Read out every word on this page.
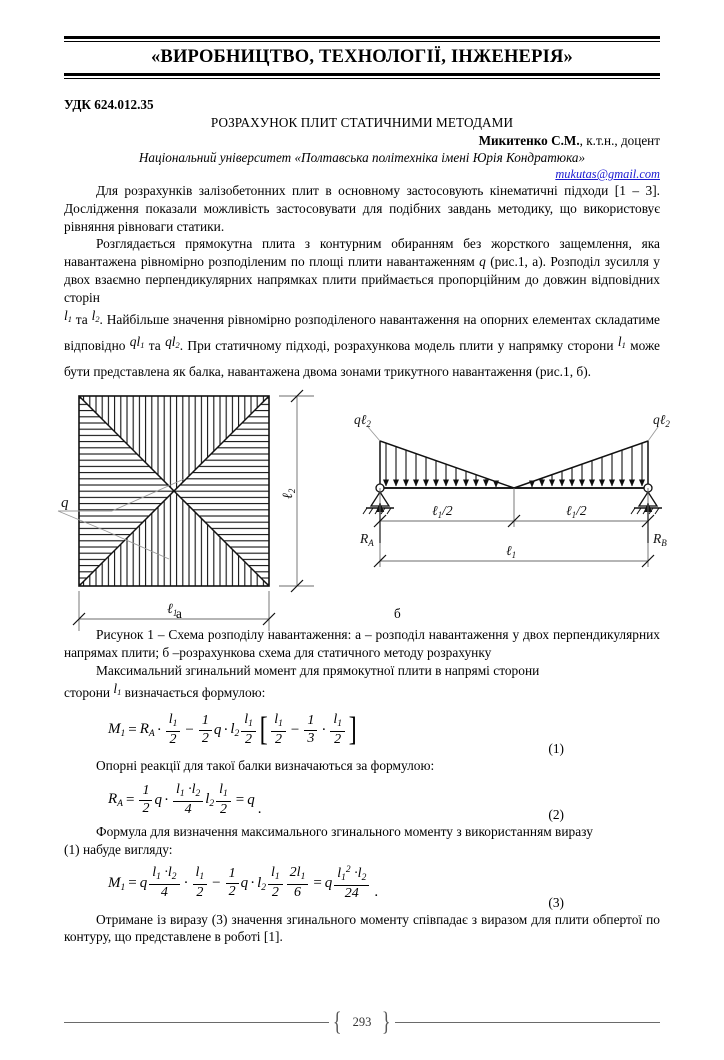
«ВИРОБНИЦТВО, ТЕХНОЛОГІЇ, ІНЖЕНЕРІЯ»
УДК 624.012.35
РОЗРАХУНОК ПЛИТ СТАТИЧНИМИ МЕТОДАМИ
Микитенко С.М., к.т.н., доцент
Національний університет «Полтавська політехніка імені Юрія Кондратюка»
mukutas@gmail.com

Для розрахунків залізобетонних плит в основному застосовують кінематичні підходи [1 – 3]. Дослідження показали можливість застосовувати для подібних завдань методику, що використовує рівняння рівноваги статики.

Розглядається прямокутна плита з контурним обиранням без жорсткого защемлення, яка навантажена рівномірно розподілeним по площі плити навантаженням q (рис.1, а). Розподіл зусилля у двох взаємно перпендикулярних напрямках плити приймається пропорційним до довжин відповідних сторін

$l_1$ та $l_2$. Найбільше значення рівномірно розподіленого навантаження на опорних елементах складатиме відповідно $ql_1$ та $ql_2$. При статичному підході, розрахункова модель плити у напрямку сторони $l_1$ може бути представлена як балка, навантажена двома зонами трикутного навантаження (рис.1, б).

q	ℓ$_2$
ℓ$_1$
qℓ$_2$	qℓ$_2$
$R_A$	$R_B$
ℓ$_1$/2	ℓ$_1$/2
ℓ$_1$
а	б

Рисунок 1 – Схема розподілу навантаження: а – розподіл навантаження у двох перпендикулярних напрямах плити; б –розрахункова схема для статичного методу розрахунку

Максимальний згинальний момент для прямокутної плити в напрямі сторони

сторони $l_1$ визначається формулою:

$M_1 = R_A \cdot \frac{l_1}{2} - \frac{1}{2}$ $q \cdot l_2 \frac{l_1}{2}$ [ $\frac{l_1}{2} - \frac{1}{3} \cdot \frac{l_1}{2}$ ]
(1)

Опорні реакції для такої балки визначаються за формулою:

$R_A = \frac{1}{2}$ $q \cdot \frac{l_1 \cdot l_2}{4} l_2 \frac{l_1}{2} = q$
.	(2)

Формула для визначення максимального згинального моменту з використанням виразу

(1) набуде вигляду:

$M_1 = q \frac{l_1 \cdot l_2}{4} \cdot \frac{l_1}{2} - \frac{1}{2}$ $q \cdot l_2 \frac{l_1}{2} \frac{2l_1}{6} = q \frac{l_1^2 \cdot l_2}{24}$ .
(3)

Отримане із виразу (3) значення згинального моменту співпадає з виразом для плити обпертої по контуру, що представлене в роботі [1].

{ 293 }
